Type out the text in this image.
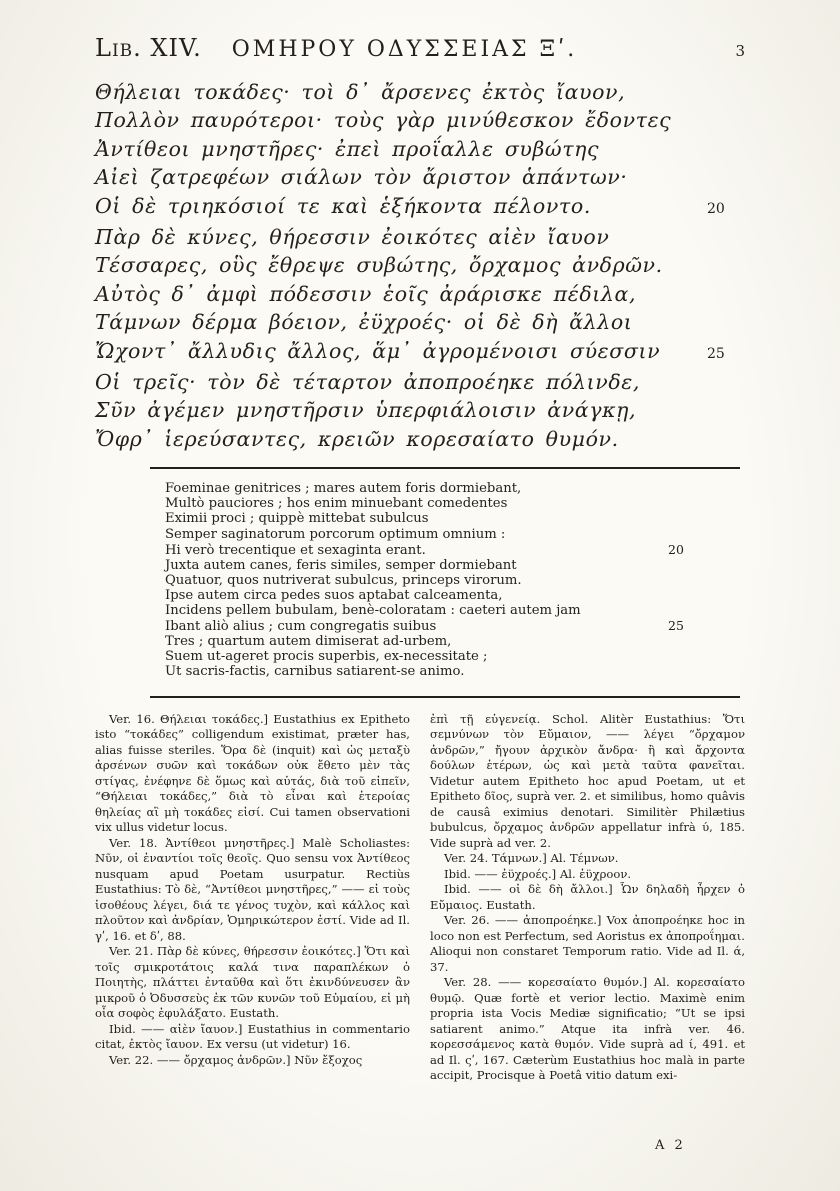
Lib. XIV. ΟΜΗΡΟΥ ΟΔΥΣΣΕΙΑΣ Ξʹ.	3
Θήλειαι τοκάδες· τοὶ δ᾽ ἄρσενες ἐκτὸς ἴαυον,
Πολλὸν παυρότεροι· τοὺς γὰρ μινύθεσκον ἔδοντες
Ἀντίθεοι μνηστῆρες· ἐπεὶ προΐαλλε συβώτης
Αἰεὶ ζατρεφέων σιάλων τὸν ἄριστον ἁπάντων·
Οἱ δὲ τριηκόσιοί τε καὶ ἑξήκοντα πέλοντο.	20
Πὰρ δὲ κύνες, θήρεσσιν ἐοικότες αἰὲν ἴαυον
Τέσσαρες, οὓς ἔθρεψε συβώτης, ὄρχαμος ἀνδρῶν.
Αὐτὸς δ᾽ ἀμφὶ πόδεσσιν ἑοῖς ἀράρισκε πέδιλα,
Τάμνων δέρμα βόειον, ἐϋχροές· οἱ δὲ δὴ ἄλλοι
Ὤχοντ᾽ ἄλλυδις ἄλλος, ἅμ᾽ ἀγρομένοισι σύεσσιν	25
Οἱ τρεῖς· τὸν δὲ τέταρτον ἀποπροέηκε πόλινδε,
Σῦν ἀγέμεν μνηστῆρσιν ὑπερφιάλοισιν ἀνάγκῃ,
Ὄφρ᾽ ἱερεύσαντες, κρειῶν κορεσαίατο θυμόν.
Foeminae genitrices ; mares autem foris dormiebant,
Multò pauciores ; hos enim minuebant comedentes
Eximii proci ; quippè mittebat subulcus
Semper saginatorum porcorum optimum omnium :
Hi verò trecentique et sexaginta erant.	20
Juxta autem canes, feris similes, semper dormiebant
Quatuor, quos nutriverat subulcus, princeps virorum.
Ipse autem circa pedes suos aptabat calceamenta,
Incidens pellem bubulam, benè-coloratam : caeteri autem jam
Ibant aliò alius ; cum congregatis suibus	25
Tres ; quartum autem dimiserat ad-urbem,
Suem ut-ageret procis superbis, ex-necessitate ;
Ut sacris-factis, carnibus satiarent-se animo.

Ver. 16. Θήλειαι τοκάδες.] Eustathius ex Epitheto isto “τοκάδες” colligendum existimat, præter has, alias fuisse steriles. Ὅρα δὲ (inquit) καὶ ὡς μεταξὺ ἀρσένων συῶν καὶ τοκάδων οὐκ ἔθετο μὲν τὰς στίγας, ἐνέφηνε δὲ ὅμως καὶ αὐτάς, διὰ τοῦ εἰπεῖν, “Θήλειαι τοκάδες,” διὰ τὸ εἶναι καὶ ἑτεροίας θηλείας αἳ μὴ τοκάδες εἰσί. Cui tamen observationi vix ullus videtur locus.

Ver. 18. Ἀντίθεοι μνηστῆρες.] Malè Scholiastes: Νῦν, οἱ ἐναντίοι τοῖς θεοῖς. Quo sensu vox Ἀντίθεος nusquam apud Poetam usurpatur. Rectiùs Eustathius: Τὸ δὲ, “Ἀντίθεοι μνηστῆρες,” —— εἰ τοὺς ἰσοθέους λέγει, διά τε γένος τυχὸν, καὶ κάλλος καὶ πλοῦτον καὶ ἀνδρίαν, Ὁμηρικώτερον ἐστί. Vide ad Il. γʹ, 16. et δʹ, 88.

Ver. 21. Πὰρ δὲ κύνες, θήρεσσιν ἐοικότες.] Ὅτι καὶ τοῖς σμικροτάτοις καλά τινα παραπλέκων ὁ Ποιητὴς, πλάττει ἐνταῦθα καὶ ὅτι ἐκινδύνευσεν ἂν μικροῦ ὁ Ὀδυσσεὺς ἐκ τῶν κυνῶν τοῦ Εὐμαίου, εἰ μὴ οἷα σοφὸς ἐφυλάξατο. Eustath.

Ibid. —— αἰὲν ἴαυον.] Eustathius in commentario citat, ἐκτὸς ἴαυον. Ex versu (ut videtur) 16.

Ver. 22. —— ὄρχαμος ἀνδρῶν.] Νῦν ἔξοχος

ἐπὶ τῇ εὐγενείᾳ. Schol. Alitèr Eustathius: Ὅτι σεμνύνων τὸν Εὔμαιον, —— λέγει “ὄρχαμον ἀνδρῶν,” ἤγουν ἀρχικὸν ἄνδρα· ἢ καὶ ἄρχοντα δούλων ἑτέρων, ὡς καὶ μετὰ ταῦτα φανεῖται. Videtur autem Epitheto hoc apud Poetam, ut et Epitheto δῖος, suprà ver. 2. et similibus, homo quâvis de causâ eximius denotari. Similitèr Philætius bubulcus, ὄρχαμος ἀνδρῶν appellatur infrà ύ, 185. Vide suprà ad ver. 2.

Ver. 24. Τάμνων.] Al. Τέμνων.

Ibid. —— ἐϋχροές.] Al. ἐϋχροον.

Ibid. —— οἱ δὲ δὴ ἄλλοι.] Ὧν δηλαδὴ ἦρχεν ὁ Εὔμαιος. Eustath.

Ver. 26. —— ἀποπροέηκε.] Vox ἀποπροέηκε hoc in loco non est Perfectum, sed Aoristus ex ἀποπροΐημαι. Alioqui non constaret Temporum ratio. Vide ad Il. ά, 37.

Ver. 28. —— κορεσαίατο θυμόν.] Al. κορεσαίατο θυμῷ. Quæ fortè et verior lectio. Maximè enim propria ista Vocis Mediæ significatio; “Ut se ipsi satiarent animo.” Atque ita infrà ver. 46. κορεσσάμενος κατὰ θυμόν. Vide suprà ad ί, 491. et ad Il. ςʹ, 167. Cæterùm Eustathius hoc malà in parte accipit, Procisque à Poetâ vitio datum exi-

A 2
